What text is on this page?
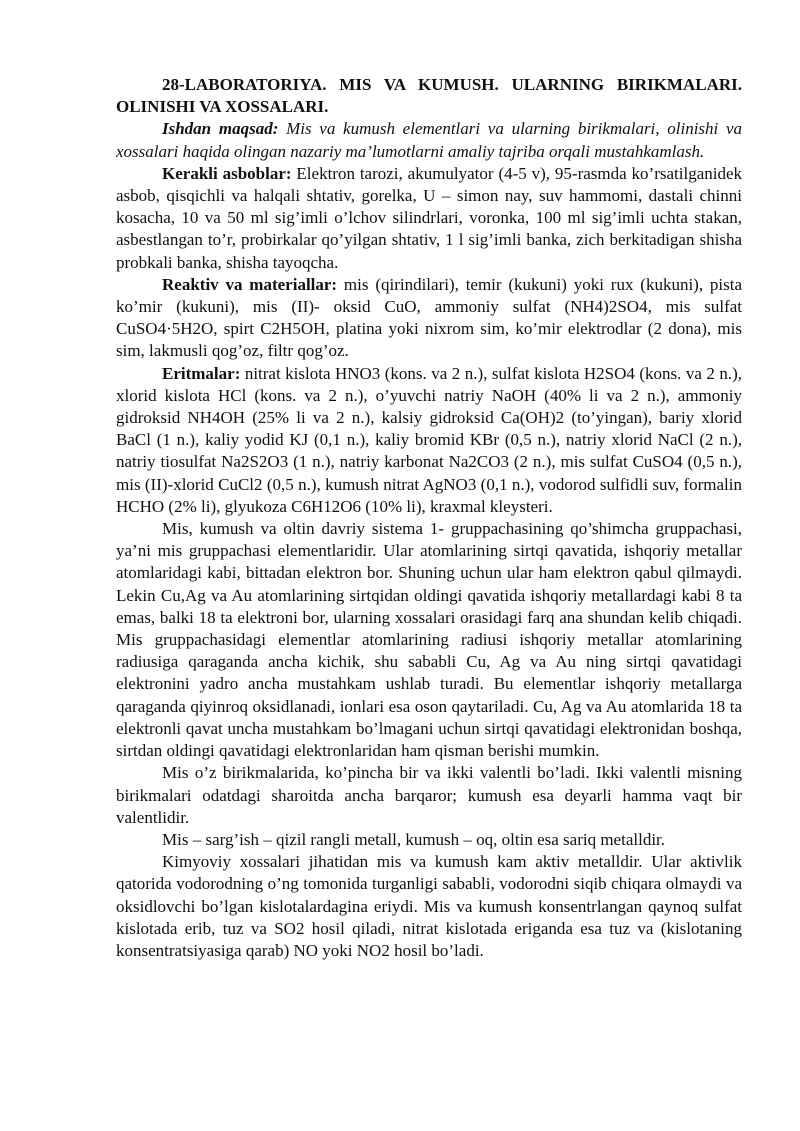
28-LABORATORIYA. MIS VA KUMUSH. ULARNING BIRIKMALARI. OLINISHI VA XOSSALARI.

Ishdan maqsad: Mis va kumush elementlari va ularning birikmalari, olinishi va xossalari haqida olingan nazariy ma’lumotlarni amaliy tajriba orqali mustahkamlash.

Kerakli asboblar: Elektron tarozi, akumulyator (4-5 v), 95-rasmda ko’rsatilganidek asbob, qisqichli va halqali shtativ, gorelka, U – simon nay, suv hammomi, dastali chinni kosacha, 10 va 50 ml sig’imli o’lchov silindrlari, voronka, 100 ml sig’imli uchta stakan, asbestlangan to’r, probirkalar qo’yilgan shtativ, 1 l sig’imli banka, zich berkitadigan shisha probkali banka, shisha tayoqcha.

Reaktiv va materiallar: mis (qirindilari), temir (kukuni) yoki rux (kukuni), pista ko’mir (kukuni), mis (II)- oksid CuO, ammoniy sulfat (NH4)2SO4, mis sulfat CuSO4·5H2O, spirt C2H5OH, platina yoki nixrom sim, ko’mir elektrodlar (2 dona), mis sim, lakmusli qog’oz, filtr qog’oz.

Eritmalar: nitrat kislota HNO3 (kons. va 2 n.), sulfat kislota H2SO4 (kons. va 2 n.), xlorid kislota HCl (kons. va 2 n.), o’yuvchi natriy NaOH (40% li va 2 n.), ammoniy gidroksid NH4OH (25% li va 2 n.), kalsiy gidroksid Ca(OH)2 (to’yingan), bariy xlorid BaCl (1 n.), kaliy yodid KJ (0,1 n.), kaliy bromid KBr (0,5 n.), natriy xlorid NaCl (2 n.), natriy tiosulfat Na2S2O3 (1 n.), natriy karbonat Na2CO3 (2 n.), mis sulfat CuSO4 (0,5 n.), mis (II)-xlorid CuCl2 (0,5 n.), kumush nitrat AgNO3 (0,1 n.), vodorod sulfidli suv, formalin HCHO (2% li), glyukoza C6H12O6 (10% li), kraxmal kleysteri.

Mis, kumush va oltin davriy sistema 1- gruppachasining qo’shimcha gruppachasi, ya’ni mis gruppachasi elementlaridir. Ular atomlarining sirtqi qavatida, ishqoriy metallar atomlaridagi kabi, bittadan elektron bor. Shuning uchun ular ham elektron qabul qilmaydi. Lekin Cu,Ag va Au atomlarining sirtqidan oldingi qavatida ishqoriy metallardagi kabi 8 ta emas, balki 18 ta elektroni bor, ularning xossalari orasidagi farq ana shundan kelib chiqadi. Mis gruppachasidagi elementlar atomlarining radiusi ishqoriy metallar atomlarining radiusiga qaraganda ancha kichik, shu sababli Cu, Ag va Au ning sirtqi qavatidagi elektronini yadro ancha mustahkam ushlab turadi. Bu elementlar ishqoriy metallarga qaraganda qiyinroq oksidlanadi, ionlari esa oson qaytariladi. Cu, Ag va Au atomlarida 18 ta elektronli qavat uncha mustahkam bo’lmagani uchun sirtqi qavatidagi elektronidan boshqa, sirtdan oldingi qavatidagi elektronlaridan ham qisman berishi mumkin.

Mis o’z birikmalarida, ko’pincha bir va ikki valentli bo’ladi. Ikki valentli misning birikmalari odatdagi sharoitda ancha barqaror; kumush esa deyarli hamma vaqt bir valentlidir.

Mis – sarg’ish – qizil rangli metall, kumush – oq, oltin esa sariq metalldir.

Kimyoviy xossalari jihatidan mis va kumush kam aktiv metalldir. Ular aktivlik qatorida vodorodning o’ng tomonida turganligi sababli, vodorodni siqib chiqara olmaydi va oksidlovchi bo’lgan kislotalardagina eriydi. Mis va kumush konsentrlangan qaynoq sulfat kislotada erib, tuz va SO2 hosil qiladi, nitrat kislotada eriganda esa tuz va (kislotaning konsentratsiyasiga qarab) NO yoki NO2 hosil bo’ladi.
